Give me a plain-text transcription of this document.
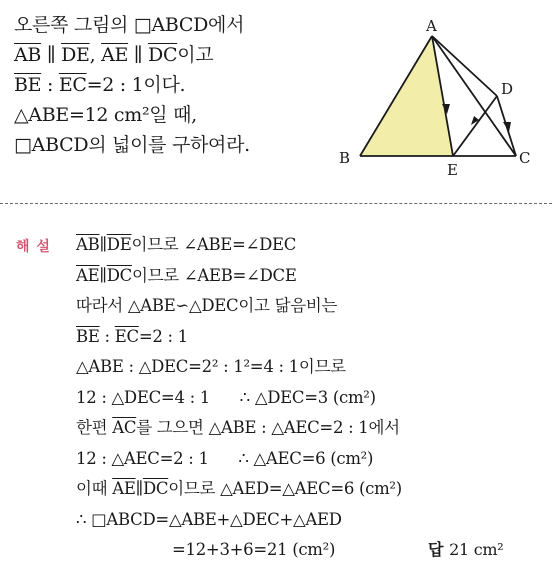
오른쪽 그림의 □ABCD에서
$\overline{AB}$ ∥ $\overline{DE}$, $\overline{AE}$ ∥ $\overline{DC}$이고
$\overline{BE}$ : $\overline{EC}=2$ : 1이다.
△ABE=12 cm²일 때,
□ABCD의 넓이를 구하여라.
A
B	C
D
E
해 설 $\overline{AB}\parallel\overline{DE}$이므로 ∠ABE=∠DEC
$\overline{AE}\parallel\overline{DC}$이므로 ∠AEB=∠DCE
따라서 △ABE∽△DEC이고 닮음비는
$\overline{BE}$ : $\overline{EC}=2$ : 1
△ABE : △DEC=2² : 1²=4 : 1이므로
12 : △DEC=4 : 1      ∴ △DEC=3 (cm²)
한편 $\overline{AC}$를 그으면 △ABE : △AEC=2 : 1에서
12 : △AEC=2 : 1      ∴ △AEC=6 (cm²)
이때 $\overline{AE}\parallel\overline{DC}$이므로 △AED=△AEC=6 (cm²)
∴ □ABCD=△ABE+△DEC+△AED
=12+3+6=21 (cm²)	답 21 cm²
